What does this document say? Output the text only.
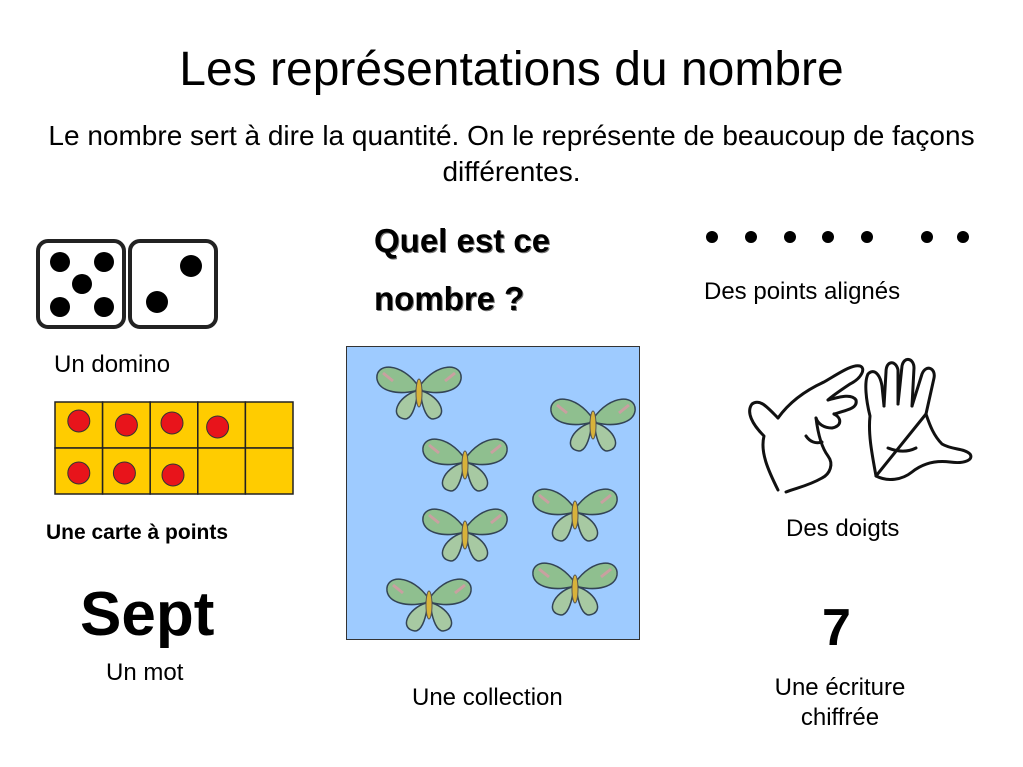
Les représentations du nombre
Le nombre sert à dire la quantité. On le représente de beaucoup de façons différentes.
Quel est ce nombre ?
Un domino
Une carte à points
Sept
Un mot
Une collection
Des points alignés
Des doigts
7
Une écriture chiffrée
